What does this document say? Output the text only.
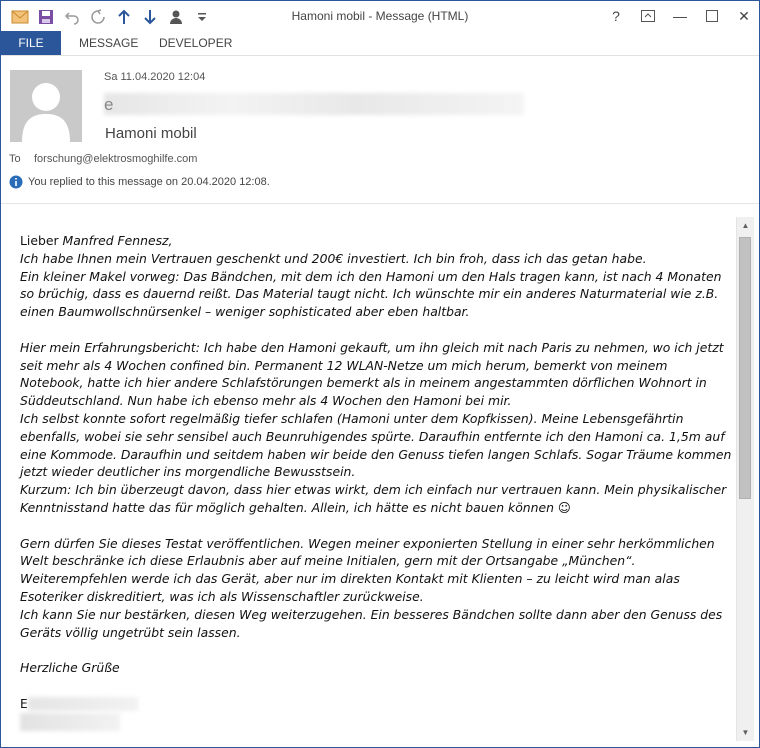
Hamoni mobil - Message (HTML)	?	—	✕
FILE	MESSAGE	DEVELOPER
Sa 11.04.2020 12:04
e
Hamoni mobil
To forschung@elektrosmoghilfe.com
You replied to this message on 20.04.2020 12:08.

Lieber Manfred Fennesz,

Ich habe Ihnen mein Vertrauen geschenkt und 200€ investiert. Ich bin froh, dass ich das getan habe.

Ein kleiner Makel vorweg: Das Bändchen, mit dem ich den Hamoni um den Hals tragen kann, ist nach 4 Monaten so brüchig, dass es dauernd reißt. Das Material taugt nicht. Ich wünschte mir ein anderes Naturmaterial wie z.B. einen Baumwollschnürsenkel – weniger sophisticated aber eben haltbar.

Hier mein Erfahrungsbericht: Ich habe den Hamoni gekauft, um ihn gleich mit nach Paris zu nehmen, wo ich jetzt seit mehr als 4 Wochen confined bin. Permanent 12 WLAN-Netze um mich herum, bemerkt von meinem Notebook, hatte ich hier andere Schlafstörungen bemerkt als in meinem angestammten dörflichen Wohnort in Süddeutschland. Nun habe ich ebenso mehr als 4 Wochen den Hamoni bei mir.

Ich selbst konnte sofort regelmäßig tiefer schlafen (Hamoni unter dem Kopfkissen). Meine Lebensgefährtin ebenfalls, wobei sie sehr sensibel auch Beunruhigendes spürte. Daraufhin entfernte ich den Hamoni ca. 1,5m auf eine Kommode. Daraufhin und seitdem haben wir beide den Genuss tiefen langen Schlafs. Sogar Träume kommen jetzt wieder deutlicher ins morgendliche Bewusstsein.

Kurzum: Ich bin überzeugt davon, dass hier etwas wirkt, dem ich einfach nur vertrauen kann. Mein physikalischer Kenntnisstand hatte das für möglich gehalten. Allein, ich hätte es nicht bauen können ☺

Gern dürfen Sie dieses Testat veröffentlichen. Wegen meiner exponierten Stellung in einer sehr herkömmlichen Welt beschränke ich diese Erlaubnis aber auf meine Initialen, gern mit der Ortsangabe „München“.

Weiterempfehlen werde ich das Gerät, aber nur im direkten Kontakt mit Klienten – zu leicht wird man alas Esoteriker diskreditiert, was ich als Wissenschaftler zurückweise.

Ich kann Sie nur bestärken, diesen Weg weiterzugehen. Ein besseres Bändchen sollte dann aber den Genuss des Geräts völlig ungetrübt sein lassen.

Herzliche Grüße

E

▲
▼
